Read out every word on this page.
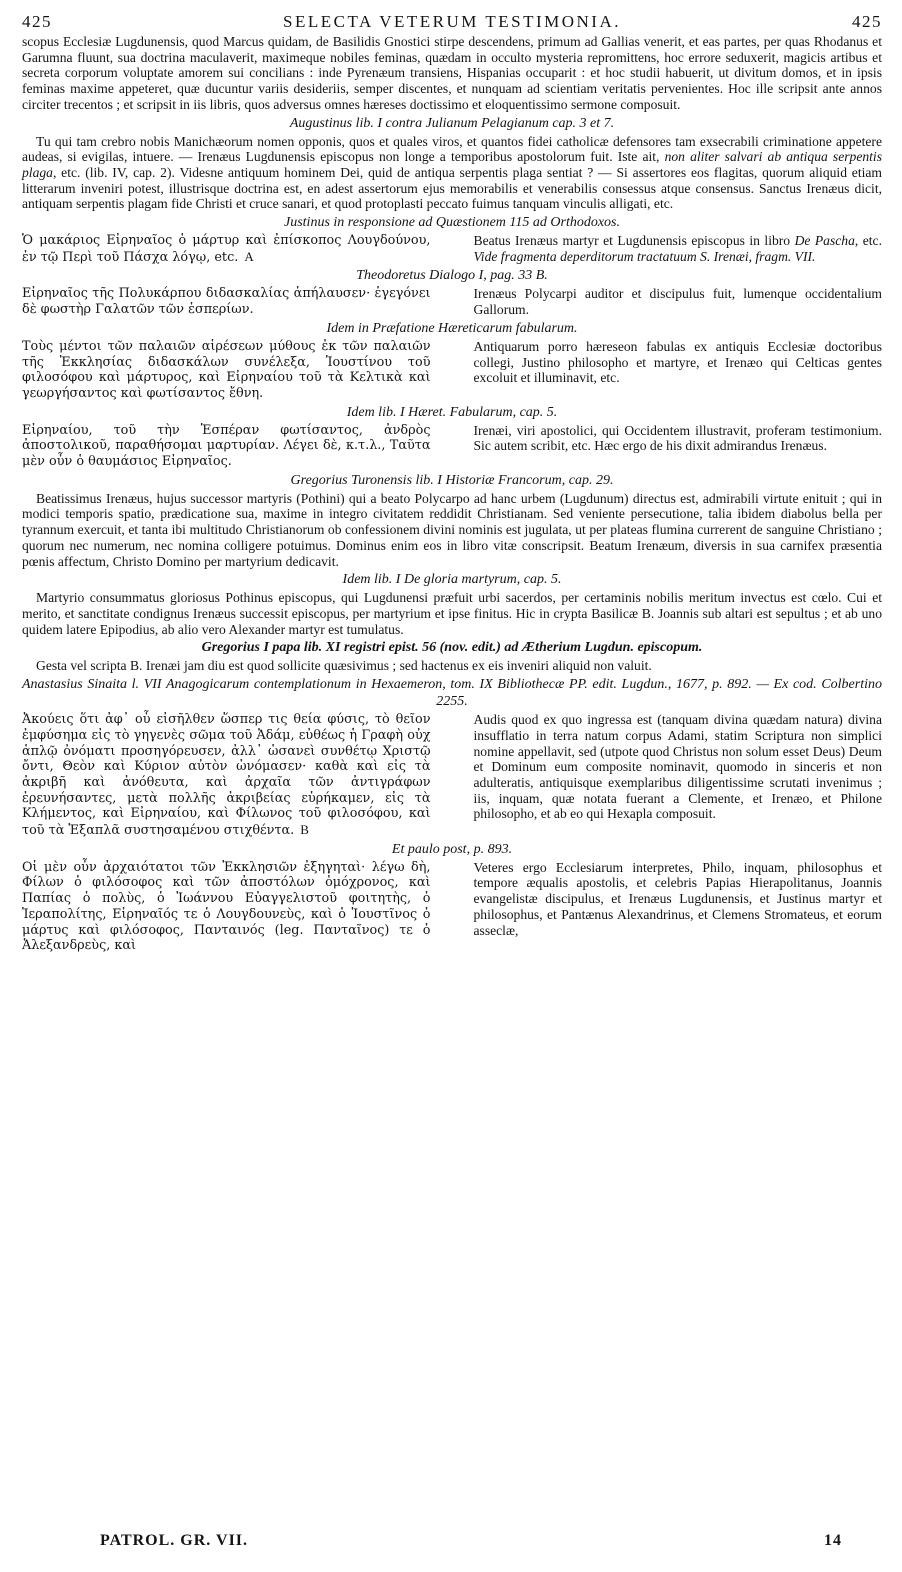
425	SELECTA VETERUM TESTIMONIA.	425

scopus Ecclesiæ Lugdunensis, quod Marcus quidam, de Basilidis Gnostici stirpe descendens, primum ad Gallias venerit, et eas partes, per quas Rhodanus et Garumna fluunt, sua doctrina maculaverit, maximeque nobiles feminas, quædam in occulto mysteria repromittens, hoc errore seduxerit, magicis artibus et secreta corporum voluptate amorem sui concilians : inde Pyrenæum transiens, Hispanias occuparit : et hoc studii habuerit, ut divitum domos, et in ipsis feminas maxime appeteret, quæ ducuntur variis desideriis, semper discentes, et nunquam ad scientiam veritatis pervenientes. Hoc ille scripsit ante annos circiter trecentos ; et scripsit in iis libris, quos adversus omnes hæreses doctissimo et eloquentissimo sermone composuit.

Augustinus lib. I contra Julianum Pelagianum cap. 3 et 7.

Tu qui tam crebro nobis Manichæorum nomen opponis, quos et quales viros, et quantos fidei catholicæ defensores tam exsecrabili criminatione appetere audeas, si evigilas, intuere. — Irenæus Lugdunensis episcopus non longe a temporibus apostolorum fuit. Iste ait, non aliter salvari ab antiqua serpentis plaga, etc. (lib. IV, cap. 2). Videsne antiquum hominem Dei, quid de antiqua serpentis plaga sentiat ? — Si assertores eos flagitas, quorum aliquid etiam litterarum inveniri potest, illustrisque doctrina est, en adest assertorum ejus memorabilis et venerabilis consessus atque consensus. Sanctus Irenæus dicit, antiquam serpentis plagam fide Christi et cruce sanari, et quod protoplasti peccato fuimus tanquam vinculis alligati, etc.

Justinus in responsione ad Quæstionem 115 ad Orthodoxos.
Ὁ μακάριος Εἰρηναῖος ὁ μάρτυρ καὶ ἐπίσκοπος Λουγδούνου, ἐν τῷ Περὶ τοῦ Πάσχα λόγῳ, etc. A
Beatus Irenæus martyr et Lugdunensis episcopus in libro De Pascha, etc. Vide fragmenta deperditorum tractatuum S. Irenæi, fragm. VII.
Theodoretus Dialogo I, pag. 33 B.
Εἰρηναῖος τῆς Πολυκάρπου διδασκαλίας ἀπήλαυσεν· ἐγεγόνει δὲ φωστὴρ Γαλατῶν τῶν ἑσπερίων.
Irenæus Polycarpi auditor et discipulus fuit, lumenque occidentalium Gallorum.
Idem in Præfatione Hæreticarum fabularum.
Τοὺς μέντοι τῶν παλαιῶν αἱρέσεων μύθους ἐκ τῶν παλαιῶν τῆς Ἐκκλησίας διδασκάλων συνέλεξα, Ἰουστίνου τοῦ φιλοσόφου καὶ μάρτυρος, καὶ Εἰρηναίου τοῦ τὰ Κελτικὰ καὶ γεωργήσαντος καὶ φωτίσαντος ἔθνη.
Antiquarum porro hæreseon fabulas ex antiquis Ecclesiæ doctoribus collegi, Justino philosopho et martyre, et Irenæo qui Celticas gentes excoluit et illuminavit, etc.
Idem lib. I Hæret. Fabularum, cap. 5.
Εἰρηναίου, τοῦ τὴν Ἑσπέραν φωτίσαντος, ἀνδρὸς ἀποστολικοῦ, παραθήσομαι μαρτυρίαν. Λέγει δὲ, κ.τ.λ., Ταῦτα μὲν οὖν ὁ θαυμάσιος Εἰρηναῖος.
Irenæi, viri apostolici, qui Occidentem illustravit, proferam testimonium. Sic autem scribit, etc. Hæc ergo de his dixit admirandus Irenæus.
Gregorius Turonensis lib. I Historiæ Francorum, cap. 29.

Beatissimus Irenæus, hujus successor martyris (Pothini) qui a beato Polycarpo ad hanc urbem (Lugdunum) directus est, admirabili virtute enituit ; qui in modici temporis spatio, prædicatione sua, maxime in integro civitatem reddidit Christianam. Sed veniente persecutione, talia ibidem diabolus bella per tyrannum exercuit, et tanta ibi multitudo Christianorum ob confessionem divini nominis est jugulata, ut per plateas flumina currerent de sanguine Christiano ; quorum nec numerum, nec nomina colligere potuimus. Dominus enim eos in libro vitæ conscripsit. Beatum Irenæum, diversis in sua carnifex præsentia pœnis affectum, Christo Domino per martyrium dedicavit.

Idem lib. I De gloria martyrum, cap. 5.

Martyrio consummatus gloriosus Pothinus episcopus, qui Lugdunensi præfuit urbi sacerdos, per certaminis nobilis meritum invectus est cœlo. Cui et merito, et sanctitate condignus Irenæus successit episcopus, per martyrium et ipse finitus. Hic in crypta Basilicæ B. Joannis sub altari est sepultus ; et ab uno quidem latere Epipodius, ab alio vero Alexander martyr est tumulatus.

Gregorius I papa lib. XI registri epist. 56 (nov. edit.) ad Ætherium Lugdun. episcopum.

Gesta vel scripta B. Irenæi jam diu est quod sollicite quæsivimus ; sed hactenus ex eis inveniri aliquid non valuit.

Anastasius Sinaita l. VII Anagogicarum contemplationum in Hexaemeron, tom. IX Bibliothecæ PP. edit. Lugdun., 1677, p. 892. — Ex cod. Colbertino 2255.
Ἀκούεις ὅτι ἀφ᾽ οὗ εἰσῆλθεν ὥσπερ τις θεία φύσις, τὸ θεῖον ἐμφύσημα εἰς τὸ γηγενὲς σῶμα τοῦ Ἀδάμ, εὐθέως ἡ Γραφὴ οὐχ ἁπλῷ ὀνόματι προσηγόρευσεν, ἀλλ᾽ ὡσανεὶ συνθέτῳ Χριστῷ ὄντι, Θεὸν καὶ Κύριον αὐτὸν ὠνόμασεν· καθὰ καὶ εἰς τὰ ἀκριβῆ καὶ ἀνόθευτα, καὶ ἀρχαῖα τῶν ἀντιγράφων ἐρευνήσαντες, μετὰ πολλῆς ἀκριβείας εὑρήκαμεν, εἰς τὰ Κλήμεντος, καὶ Εἰρηναίου, καὶ Φίλωνος τοῦ φιλοσόφου, καὶ τοῦ τὰ Ἑξαπλᾶ συστησαμένου στιχθέντα. B
Audis quod ex quo ingressa est (tanquam divina quædam natura) divina insufflatio in terra natum corpus Adami, statim Scriptura non simplici nomine appellavit, sed (utpote quod Christus non solum esset Deus) Deum et Dominum eum composite nominavit, quomodo in sinceris et non adulteratis, antiquisque exemplaribus diligentissime scrutati invenimus ; iis, inquam, quæ notata fuerant a Clemente, et Irenæo, et Philone philosopho, et ab eo qui Hexapla composuit.
Et paulo post, p. 893.
Οἱ μὲν οὖν ἀρχαιότατοι τῶν Ἐκκλησιῶν ἐξηγηταὶ· λέγω δὴ, Φίλων ὁ φιλόσοφος καὶ τῶν ἀποστόλων ὁμόχρονος, καὶ Παπίας ὁ πολὺς, ὁ Ἰωάννου Εὐαγγελιστοῦ φοιτητὴς, ὁ Ἱεραπολίτης, Εἰρηναῖός τε ὁ Λουγδουνεὺς, καὶ ὁ Ἰουστῖνος ὁ μάρτυς καὶ φιλόσοφος, Πανταινός (leg. Πανταῖνος) τε ὁ Ἀλεξανδρεὺς, καὶ
Veteres ergo Ecclesiarum interpretes, Philo, inquam, philosophus et tempore æqualis apostolis, et celebris Papias Hierapolitanus, Joannis evangelistæ discipulus, et Irenæus Lugdunensis, et Justinus martyr et philosophus, et Pantænus Alexandrinus, et Clemens Stromateus, et eorum asseclæ,
PATROL. GR. VII.	14
